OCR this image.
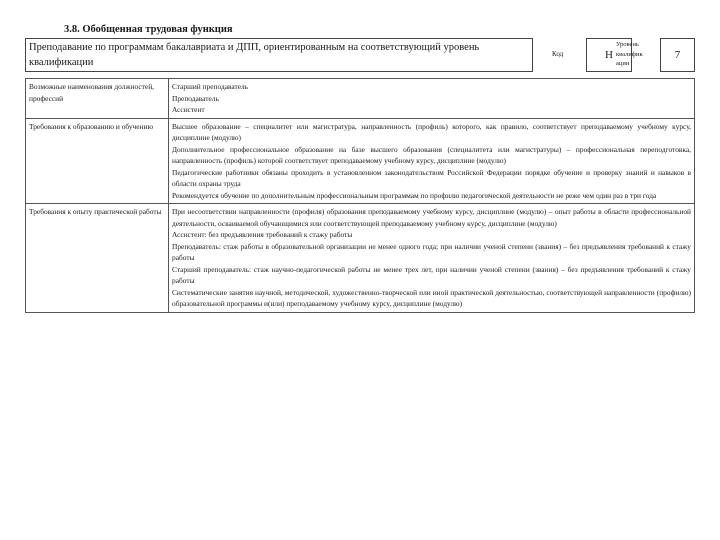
3.8. Обобщенная трудовая функция
Преподавание по программам бакалавриата и ДПП, ориентированным на соответствующий уровень квалификации
Код	Н
Уровень квалифик ации
7
Возможные наименования должностей, профессий	Старший преподаватель
Преподаватель
Ассистент

Требования к образованию и обучению	Высшее образование – специалитет или магистратура, направленность (профиль) которого, как правило, соответствует преподаваемому учебному курсу, дисциплине (модулю)
Дополнительное профессиональное образование на базе высшего образования (специалитета или магистратуры) – профессиональная переподготовка, направленность (профиль) которой соответствует преподаваемому учебному курсу, дисциплине (модулю)
Педагогические работники обязаны проходить в установленном законодательством Российской Федерации порядке обучение и проверку знаний и навыков в области охраны труда
Рекомендуется обучение по дополнительным профессиональным программам по профилю педагогической деятельности не реже чем один раз в три года

Требования к опыту практической работы	При несоответствии направленности (профиля) образования преподаваемому учебному курсу, дисциплине (модулю) – опыт работы в области профессиональной деятельности, осваиваемой обучающимися или соответствующей преподаваемому учебному курсу, дисциплине (модулю)
Ассистент: без предъявления требований к стажу работы
Преподаватель: стаж работы в образовательной организации не менее одного года; при наличии ученой степени (звания) – без предъявления требований к стажу работы
Старший преподаватель: стаж научно-педагогической работы не менее трех лет, при наличии ученой степени (звания) – без предъявления требований к стажу работы
Систематические занятия научной, методической, художественно-творческой или иной практической деятельностью, соответствующей направленности (профилю) образовательной программы и(или) преподаваемому учебному курсу, дисциплине (модулю)
